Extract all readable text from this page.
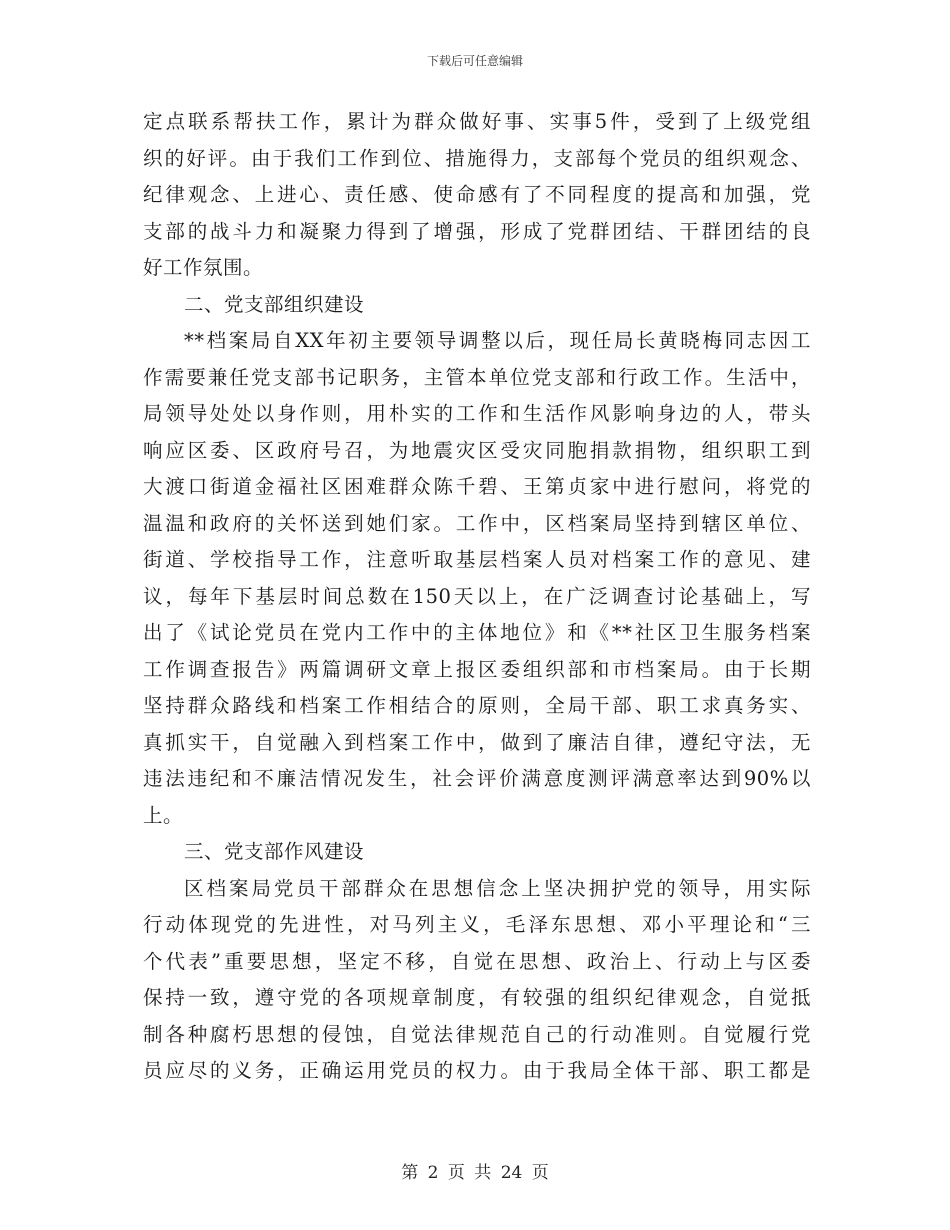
下载后可任意编辑
定点联系帮扶工作，累计为群众做好事、实事5件，受到了上级党组
织的好评。由于我们工作到位、措施得力，支部每个党员的组织观念、
纪律观念、上进心、责任感、使命感有了不同程度的提高和加强，党
支部的战斗力和凝聚力得到了增强，形成了党群团结、干群团结的良
好工作氛围。
二、党支部组织建设
**档案局自XX年初主要领导调整以后，现任局长黄晓梅同志因工
作需要兼任党支部书记职务，主管本单位党支部和行政工作。生活中，
局领导处处以身作则，用朴实的工作和生活作风影响身边的人，带头
响应区委、区政府号召，为地震灾区受灾同胞捐款捐物，组织职工到
大渡口街道金福社区困难群众陈千碧、王第贞家中进行慰问，将党的
温温和政府的关怀送到她们家。工作中，区档案局坚持到辖区单位、
街道、学校指导工作，注意听取基层档案人员对档案工作的意见、建
议，每年下基层时间总数在150天以上，在广泛调查讨论基础上，写
出了《试论党员在党内工作中的主体地位》和《**社区卫生服务档案
工作调查报告》两篇调研文章上报区委组织部和市档案局。由于长期
坚持群众路线和档案工作相结合的原则，全局干部、职工求真务实、
真抓实干，自觉融入到档案工作中，做到了廉洁自律，遵纪守法，无
违法违纪和不廉洁情况发生，社会评价满意度测评满意率达到90%以
上。
三、党支部作风建设
区档案局党员干部群众在思想信念上坚决拥护党的领导，用实际
行动体现党的先进性，对马列主义，毛泽东思想、邓小平理论和“三
个代表”重要思想，坚定不移，自觉在思想、政治上、行动上与区委
保持一致，遵守党的各项规章制度，有较强的组织纪律观念，自觉抵
制各种腐朽思想的侵蚀，自觉法律规范自己的行动准则。自觉履行党
员应尽的义务，正确运用党员的权力。由于我局全体干部、职工都是
第 2 页 共 24 页
